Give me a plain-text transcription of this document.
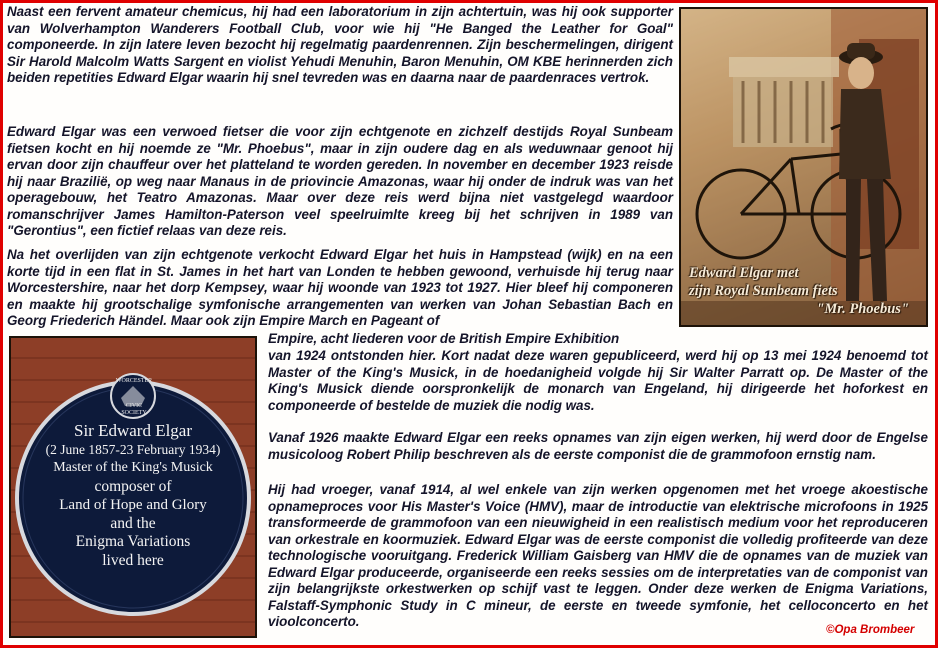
Naast een fervent amateur chemicus, hij had een laboratorium in zijn achtertuin, was hij ook supporter van Wolverhampton Wanderers Football Club, voor wie hij "He Banged the Leather for Goal" componeerde. In zijn latere leven bezocht hij regelmatig paardenrennen. Zijn beschermelingen, dirigent Sir Harold Malcolm Watts Sargent en violist Yehudi Menuhin, Baron Menuhin, OM KBE herinnerden zich beiden repetities Edward Elgar waarin hij snel tevreden was en daarna naar de paardenraces vertrok.

Edward Elgar was een verwoed fietser die voor zijn echtgenote en zichzelf destijds Royal Sunbeam fietsen kocht en hij noemde ze "Mr. Phoebus", maar in zijn oudere dag en als weduwnaar genoot hij ervan door zijn chauffeur over het platteland te worden gereden. In november en december 1923 reisde hij naar Brazilië, op weg naar Manaus in de priovincie Amazonas, waar hij onder de indruk was van het operagebouw, het Teatro Amazonas. Maar over deze reis werd bijna niet vastgelegd waardoor romanschrijver James Hamilton-Paterson veel speelruimlte kreeg bij het schrijven in 1989 van "Gerontius", een fictief relaas van deze reis.

Na het overlijden van zijn echtgenote verkocht Edward Elgar het huis in Hampstead (wijk) en na een korte tijd in een flat in St. James in het hart van Londen te hebben gewoond, verhuisde hij terug naar Worcestershire, naar het dorp Kempsey, waar hij woonde van 1923 tot 1927. Hier bleef hij componeren en maakte hij grootschalige symfonische arrangementen van werken van Johan Sebastian Bach en Georg Friederich Händel. Maar ook zijn Empire March en Pageant of

Empire, acht liederen voor de British Empire Exhibition

van 1924 ontstonden hier. Kort nadat deze waren gepubliceerd, werd hij op 13 mei 1924 benoemd tot Master of the King's Musick, in de hoedanigheid volgde hij Sir Walter Parratt op. De Master of the King's Musick diende oorspronkelijk de monarch van Engeland, hij dirigeerde het hoforkest en componeerde of bestelde de muziek die nodig was.

Vanaf 1926 maakte Edward Elgar een reeks opnames van zijn eigen werken, hij werd door de Engelse musicoloog Robert Philip beschreven als de eerste componist die de grammofoon ernstig nam.

Hij had vroeger, vanaf 1914, al wel enkele van zijn werken opgenomen met het vroege akoestische opnameproces voor His Master's Voice (HMV), maar de introductie van elektrische microfoons in 1925 transformeerde de grammofoon van een nieuwigheid in een realistisch medium voor het reproduceren van orkestrale en koormuziek. Edward Elgar was de eerste componist die volledig profiteerde van deze technologische vooruitgang. Frederick William Gaisberg van HMV die de opnames van de muziek van Edward Elgar produceerde, organiseerde een reeks sessies om de interpretaties van de componist van zijn belangrijkste orkestwerken op schijf vast te leggen. Onder deze werken de Enigma Variations, Falstaff-Symphonic Study in C mineur, de eerste en tweede symfonie, het celloconcerto en het vioolconcerto.

Edward Elgar met
zijn Royal Sunbeam fiets
"Mr. Phoebus"
WORCESTER
CIVIC SOCIETY
Sir Edward Elgar
(2 June 1857-23 February 1934)
Master of the King's Musick
composer of
Land of Hope and Glory
and the
Enigma Variations
lived here
©Opa Brombeer
